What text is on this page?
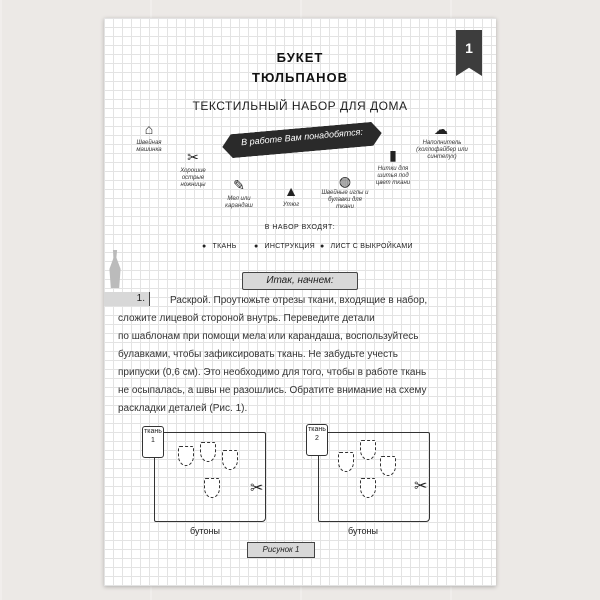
1
БУКЕТ
ТЮЛЬПАНОВ
ТЕКСТИЛЬНЫЙ НАБОР ДЛЯ ДОМА
В работе Вам понадобятся:
⌂
Швейная машинка	✂
Хорошие острые ножницы	✎
Мел или карандаш
▲
Утюг
◍
Швейные иглы и булавки для ткани
▮
Нитки для шитья под цвет ткани
☁
Наполнитель (холлофайбер или синтепух)
В НАБОР ВХОДЯТ:
● ТКАНЬ	● ИНСТРУКЦИЯ	● ЛИСТ С ВЫКРОЙКАМИ
Итак, начнем:
1.	Раскрой. Проутюжьте отрезы ткани, входящие в набор,
сложите лицевой стороной внутрь. Переведите детали
по шаблонам при помощи мела или карандаша, воспользуйтесь
булавками, чтобы зафиксировать ткань. Не забудьте учесть
припуски (0,6 см). Это необходимо для того, чтобы в работе ткань
не осыпалась, а швы не разошлись. Обратите внимание на схему
раскладки деталей (Рис. 1).
ткань 1
✂
бутоны
ткань 2
✂
бутоны
Рисунок 1
